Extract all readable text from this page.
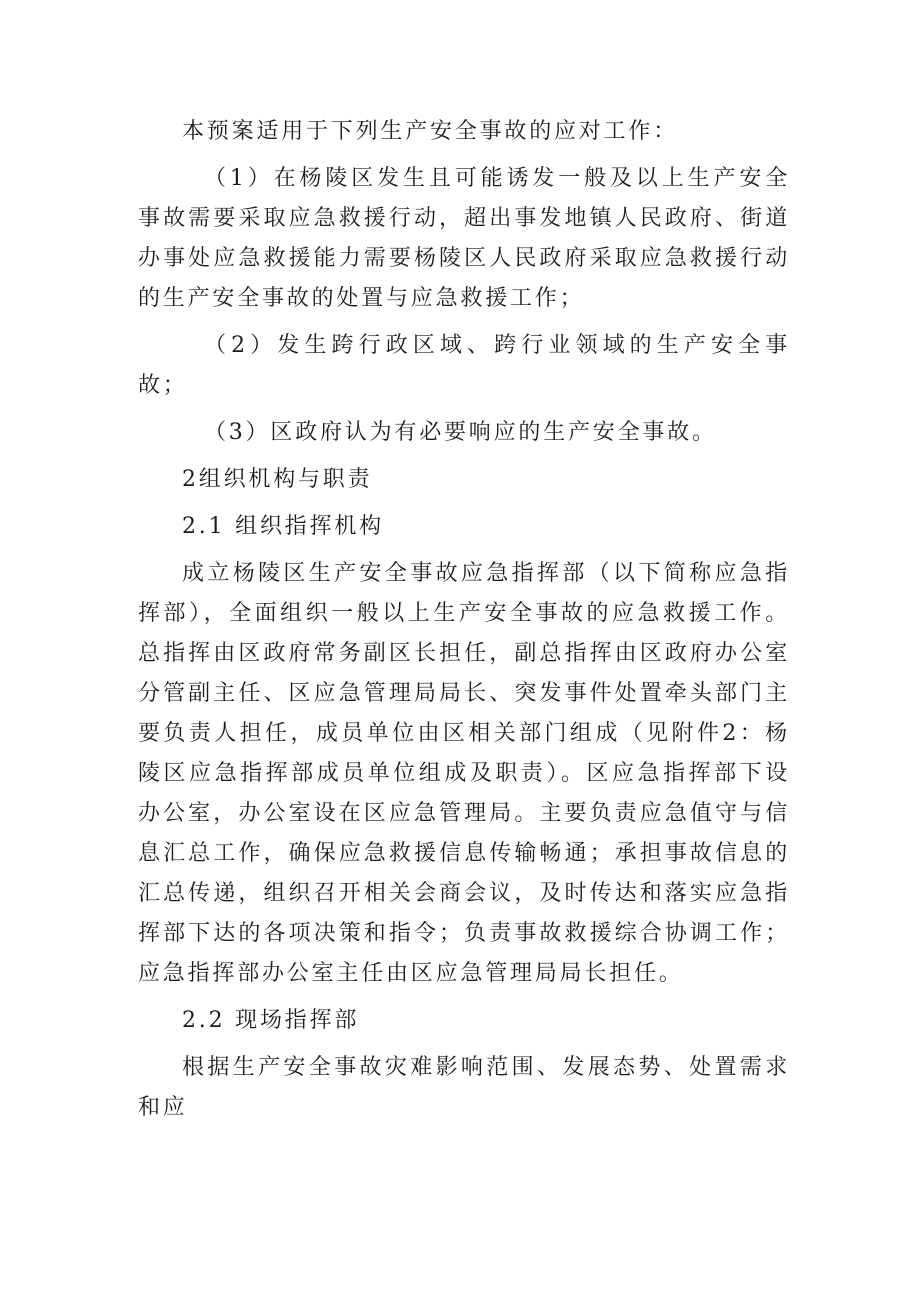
本预案适用于下列生产安全事故的应对工作：

（1）在杨陵区发生且可能诱发一般及以上生产安全事故需要采取应急救援行动，超出事发地镇人民政府、街道办事处应急救援能力需要杨陵区人民政府采取应急救援行动的生产安全事故的处置与应急救援工作；

（2）发生跨行政区域、跨行业领域的生产安全事故；

（3）区政府认为有必要响应的生产安全事故。

2组织机构与职责

2.1 组织指挥机构

成立杨陵区生产安全事故应急指挥部（以下简称应急指挥部），全面组织一般以上生产安全事故的应急救援工作。总指挥由区政府常务副区长担任，副总指挥由区政府办公室分管副主任、区应急管理局局长、突发事件处置牵头部门主要负责人担任，成员单位由区相关部门组成（见附件2：杨陵区应急指挥部成员单位组成及职责）。区应急指挥部下设办公室，办公室设在区应急管理局。主要负责应急值守与信息汇总工作，确保应急救援信息传输畅通；承担事故信息的汇总传递，组织召开相关会商会议，及时传达和落实应急指挥部下达的各项决策和指令；负责事故救援综合协调工作；应急指挥部办公室主任由区应急管理局局长担任。

2.2 现场指挥部

根据生产安全事故灾难影响范围、发展态势、处置需求和应
